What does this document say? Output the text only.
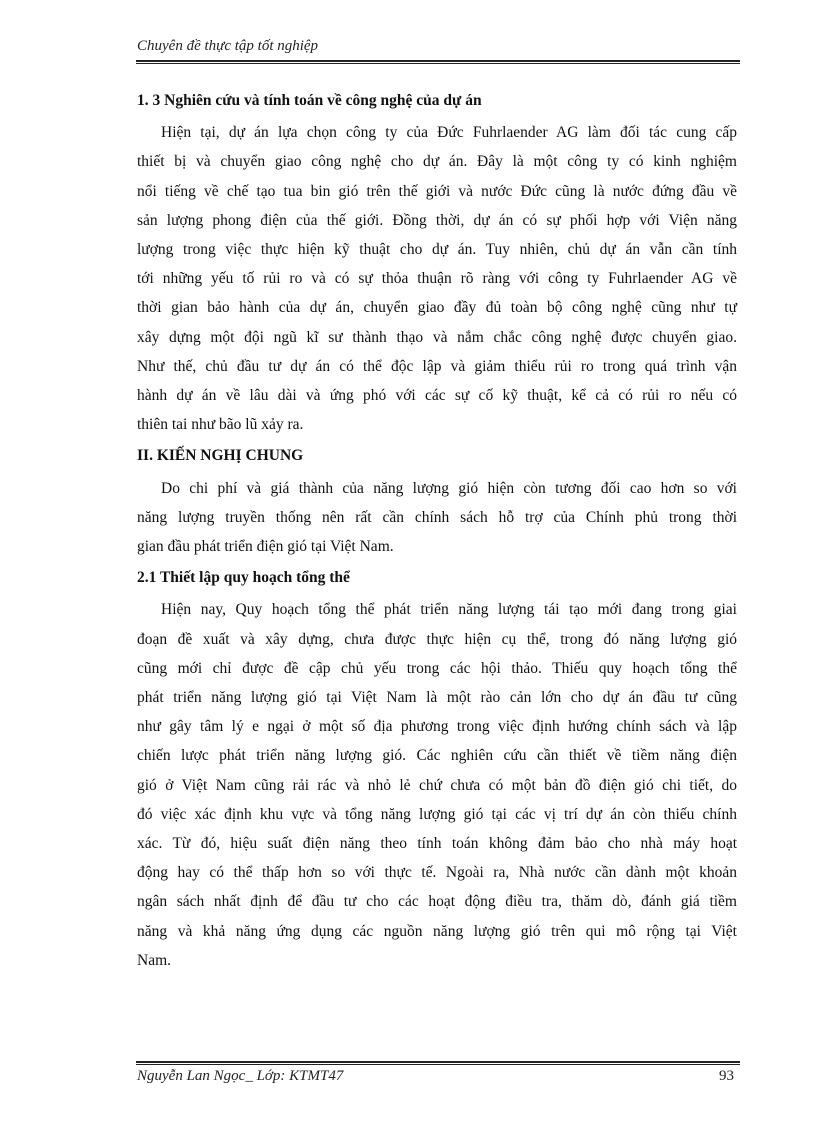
Chuyên đề thực tập tốt nghiệp
1. 3 Nghiên cứu và tính toán về công nghệ của dự án

Hiện tại, dự án lựa chọn công ty của Đức Fuhrlaender AG làm đối tác cung cấp
thiết bị và chuyển giao công nghệ cho dự án. Đây là một công ty có kinh nghiệm
nổi tiếng về chế tạo tua bin gió trên thế giới và nước Đức cũng là nước đứng đầu về
sản lượng phong điện của thế giới. Đồng thời, dự án có sự phối hợp với Viện năng
lượng trong việc thực hiện kỹ thuật cho dự án. Tuy nhiên, chủ dự án vẫn cần tính
tới những yếu tố rủi ro và có sự thỏa thuận rõ ràng với công ty Fuhrlaender AG về
thời gian bảo hành của dự án, chuyển giao đầy đủ toàn bộ công nghệ cũng như tự
xây dựng một đội ngũ kĩ sư thành thạo và nắm chắc công nghệ được chuyển giao.
Như thế, chủ đầu tư dự án có thể độc lập và giảm thiểu rủi ro trong quá trình vận
hành dự án về lâu dài và ứng phó với các sự cố kỹ thuật, kể cả có rủi ro nếu có
thiên tai như bão lũ xảy ra.

II. KIẾN NGHỊ CHUNG

Do chi phí và giá thành của năng lượng gió hiện còn tương đối cao hơn so với
năng lượng truyền thống nên rất cần chính sách hỗ trợ của Chính phủ trong thời
gian đầu phát triển điện gió tại Việt Nam.

2.1 Thiết lập quy hoạch tổng thể

Hiện nay, Quy hoạch tổng thể phát triển năng lượng tái tạo mới đang trong giai
đoạn đề xuất và xây dựng, chưa được thực hiện cụ thể, trong đó năng lượng gió
cũng mới chỉ được đề cập chủ yếu trong các hội thảo. Thiếu quy hoạch tổng thể
phát triển năng lượng gió tại Việt Nam là một rào cản lớn cho dự án đầu tư cũng
như gây tâm lý e ngại ở một số địa phương trong việc định hướng chính sách và lập
chiến lược phát triển năng lượng gió. Các nghiên cứu cần thiết về tiềm năng điện
gió ở Việt Nam cũng rải rác và nhỏ lẻ chứ chưa có một bản đồ điện gió chi tiết, do
đó việc xác định khu vực và tổng năng lượng gió tại các vị trí dự án còn thiếu chính
xác. Từ đó, hiệu suất điện năng theo tính toán không đảm bảo cho nhà máy hoạt
động hay có thể thấp hơn so với thực tế. Ngoài ra, Nhà nước cần dành một khoản
ngân sách nhất định để đầu tư cho các hoạt động điều tra, thăm dò, đánh giá tiềm
năng và khả năng ứng dụng các nguồn năng lượng gió trên qui mô rộng tại Việt
Nam.

Nguyễn Lan Ngọc_ Lớp: KTMT47	93
